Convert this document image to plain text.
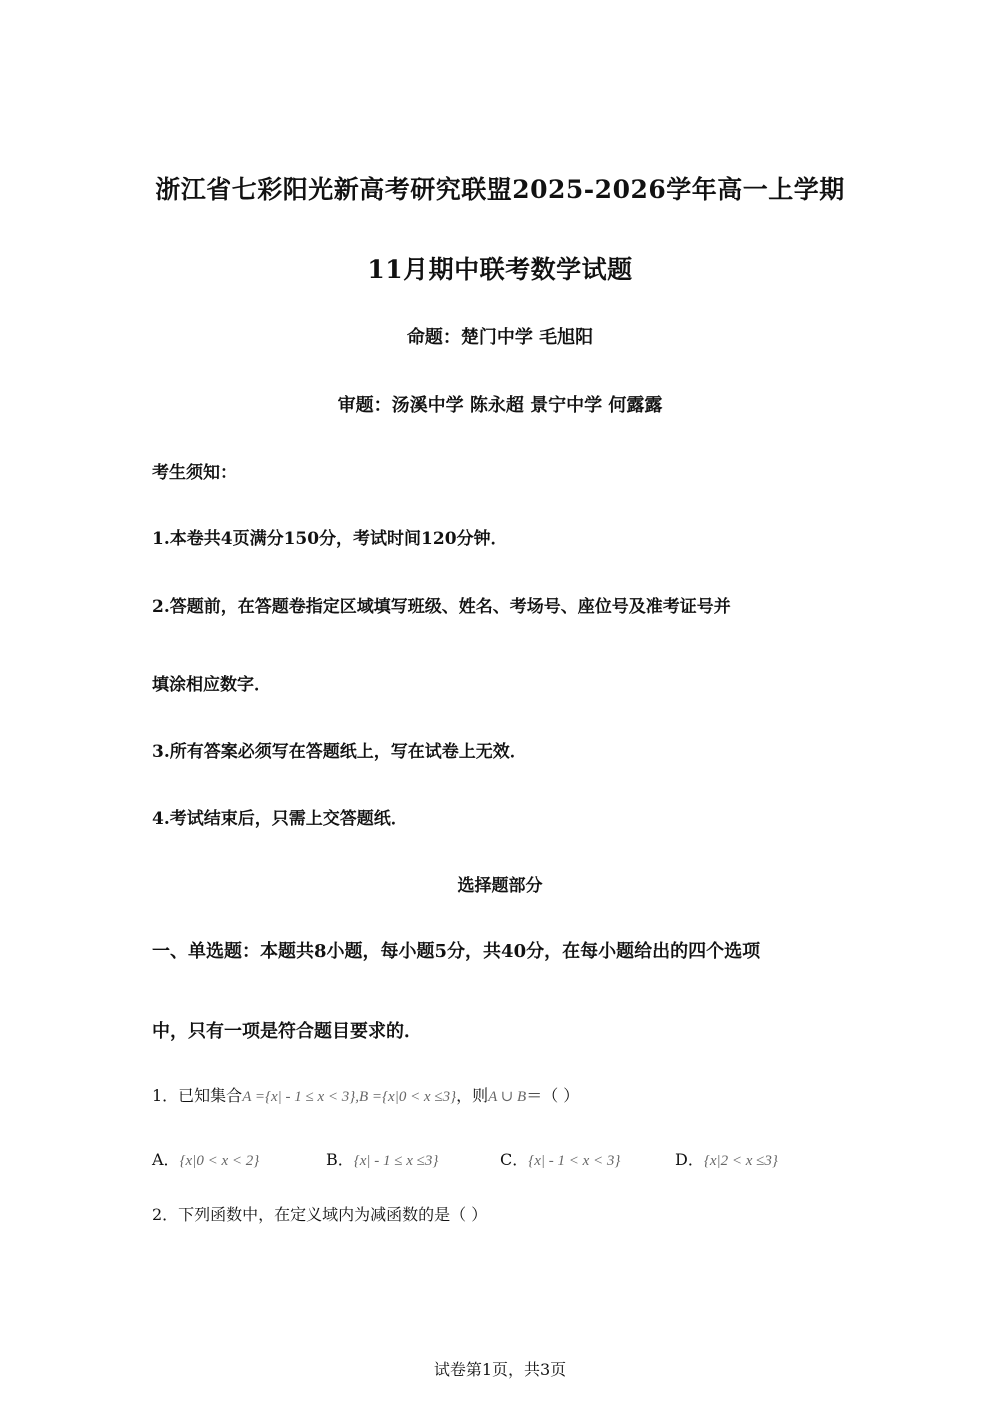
浙江省七彩阳光新高考研究联盟2025-2026学年高一上学期
11月期中联考数学试题
命题：楚门中学 毛旭阳
审题：汤溪中学 陈永超 景宁中学 何露露
考生须知：
1.本卷共4页满分150分，考试时间120分钟．
2.答题前，在答题卷指定区域填写班级、姓名、考场号、座位号及准考证号并
填涂相应数字．
3.所有答案必须写在答题纸上，写在试卷上无效．
4.考试结束后，只需上交答题纸．
选择题部分
一、单选题：本题共8小题，每小题5分，共40分，在每小题给出的四个选项
中，只有一项是符合题目要求的．
1．已知集合A ={x| - 1 ≤ x < 3},B ={x|0 < x ≤3}，则A ∪ B＝（ ）
A．{x|0 < x < 2}	B．{x| - 1 ≤ x ≤3}	C．{x| - 1 < x < 3}	D．{x|2 < x ≤3}
2．下列函数中，在定义域内为减函数的是（ ）
试卷第1页，共3页
